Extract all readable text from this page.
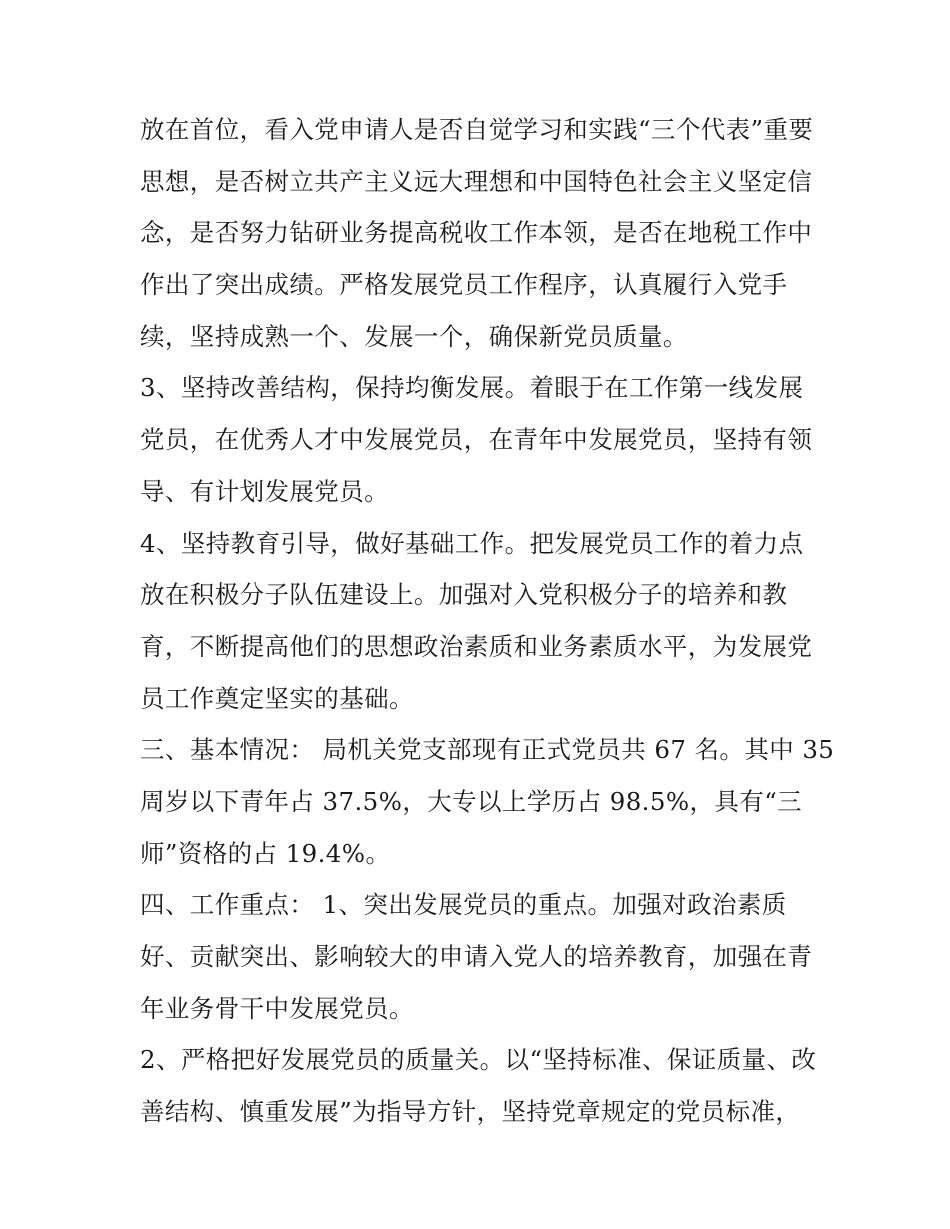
放在首位，看入党申请人是否自觉学习和实践“三个代表”重要
思想，是否树立共产主义远大理想和中国特色社会主义坚定信
念，是否努力钻研业务提高税收工作本领，是否在地税工作中
作出了突出成绩。严格发展党员工作程序，认真履行入党手
续，坚持成熟一个、发展一个，确保新党员质量。
3、坚持改善结构，保持均衡发展。着眼于在工作第一线发展
党员，在优秀人才中发展党员，在青年中发展党员，坚持有领
导、有计划发展党员。
4、坚持教育引导，做好基础工作。把发展党员工作的着力点
放在积极分子队伍建设上。加强对入党积极分子的培养和教
育，不断提高他们的思想政治素质和业务素质水平，为发展党
员工作奠定坚实的基础。
三、基本情况： 局机关党支部现有正式党员共 67 名。其中 35
周岁以下青年占 37.5%，大专以上学历占 98.5%，具有“三
师”资格的占 19.4%。
四、工作重点： 1、突出发展党员的重点。加强对政治素质
好、贡献突出、影响较大的申请入党人的培养教育，加强在青
年业务骨干中发展党员。
2、严格把好发展党员的质量关。以“坚持标准、保证质量、改
善结构、慎重发展”为指导方针，坚持党章规定的党员标准，
